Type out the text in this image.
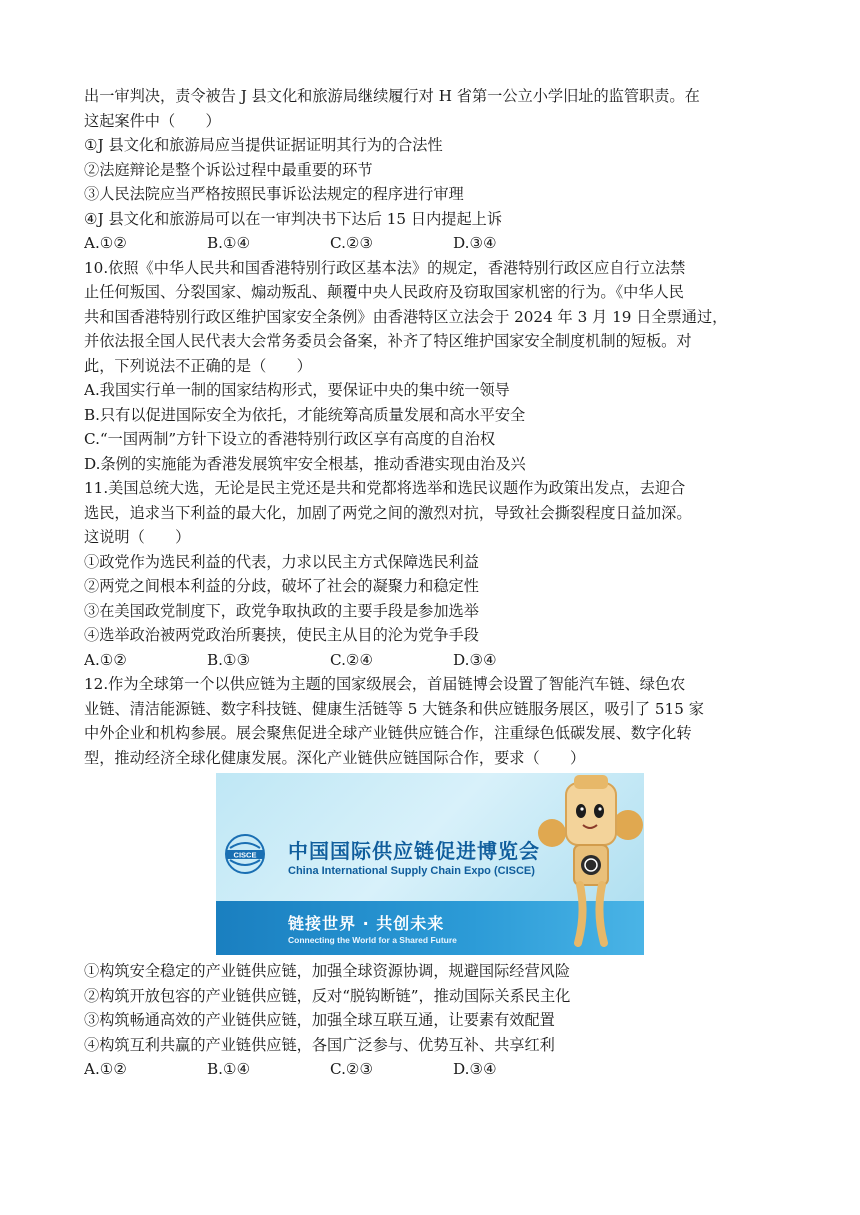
出一审判决，责令被告 J 县文化和旅游局继续履行对 H 省第一公立小学旧址的监管职责。在
这起案件中（　　）
①J 县文化和旅游局应当提供证据证明其行为的合法性
②法庭辩论是整个诉讼过程中最重要的环节
③人民法院应当严格按照民事诉讼法规定的程序进行审理
④J 县文化和旅游局可以在一审判决书下达后 15 日内提起上诉
A.①②	B.①④	C.②③	D.③④
10.依照《中华人民共和国香港特别行政区基本法》的规定，香港特别行政区应自行立法禁
止任何叛国、分裂国家、煽动叛乱、颠覆中央人民政府及窃取国家机密的行为。《中华人民
共和国香港特别行政区维护国家安全条例》由香港特区立法会于 2024 年 3 月 19 日全票通过，
并依法报全国人民代表大会常务委员会备案，补齐了特区维护国家安全制度机制的短板。对
此，下列说法不正确的是（　　）
A.我国实行单一制的国家结构形式，要保证中央的集中统一领导
B.只有以促进国际安全为依托，才能统筹高质量发展和高水平安全
C.“一国两制”方针下设立的香港特别行政区享有高度的自治权
D.条例的实施能为香港发展筑牢安全根基，推动香港实现由治及兴
11.美国总统大选，无论是民主党还是共和党都将选举和选民议题作为政策出发点，去迎合
选民，追求当下利益的最大化，加剧了两党之间的激烈对抗，导致社会撕裂程度日益加深。
这说明（　　）
①政党作为选民利益的代表，力求以民主方式保障选民利益
②两党之间根本利益的分歧，破坏了社会的凝聚力和稳定性
③在美国政党制度下，政党争取执政的主要手段是参加选举
④选举政治被两党政治所裹挟，使民主从目的沦为党争手段
A.①②	B.①③	C.②④	D.③④
12.作为全球第一个以供应链为主题的国家级展会，首届链博会设置了智能汽车链、绿色农
业链、清洁能源链、数字科技链、健康生活链等 5 大链条和供应链服务展区，吸引了 515 家
中外企业和机构参展。展会聚焦促进全球产业链供应链合作，注重绿色低碳发展、数字化转
型，推动经济全球化健康发展。深化产业链供应链国际合作，要求（　　）
CISCE 中国国际供应链促进博览会
China International Supply Chain Expo (CISCE)
链接世界 · 共创未来
Connecting the World for a Shared Future
①构筑安全稳定的产业链供应链，加强全球资源协调，规避国际经营风险
②构筑开放包容的产业链供应链，反对“脱钩断链”，推动国际关系民主化
③构筑畅通高效的产业链供应链，加强全球互联互通，让要素有效配置
④构筑互利共赢的产业链供应链，各国广泛参与、优势互补、共享红利
A.①②	B.①④	C.②③	D.③④
